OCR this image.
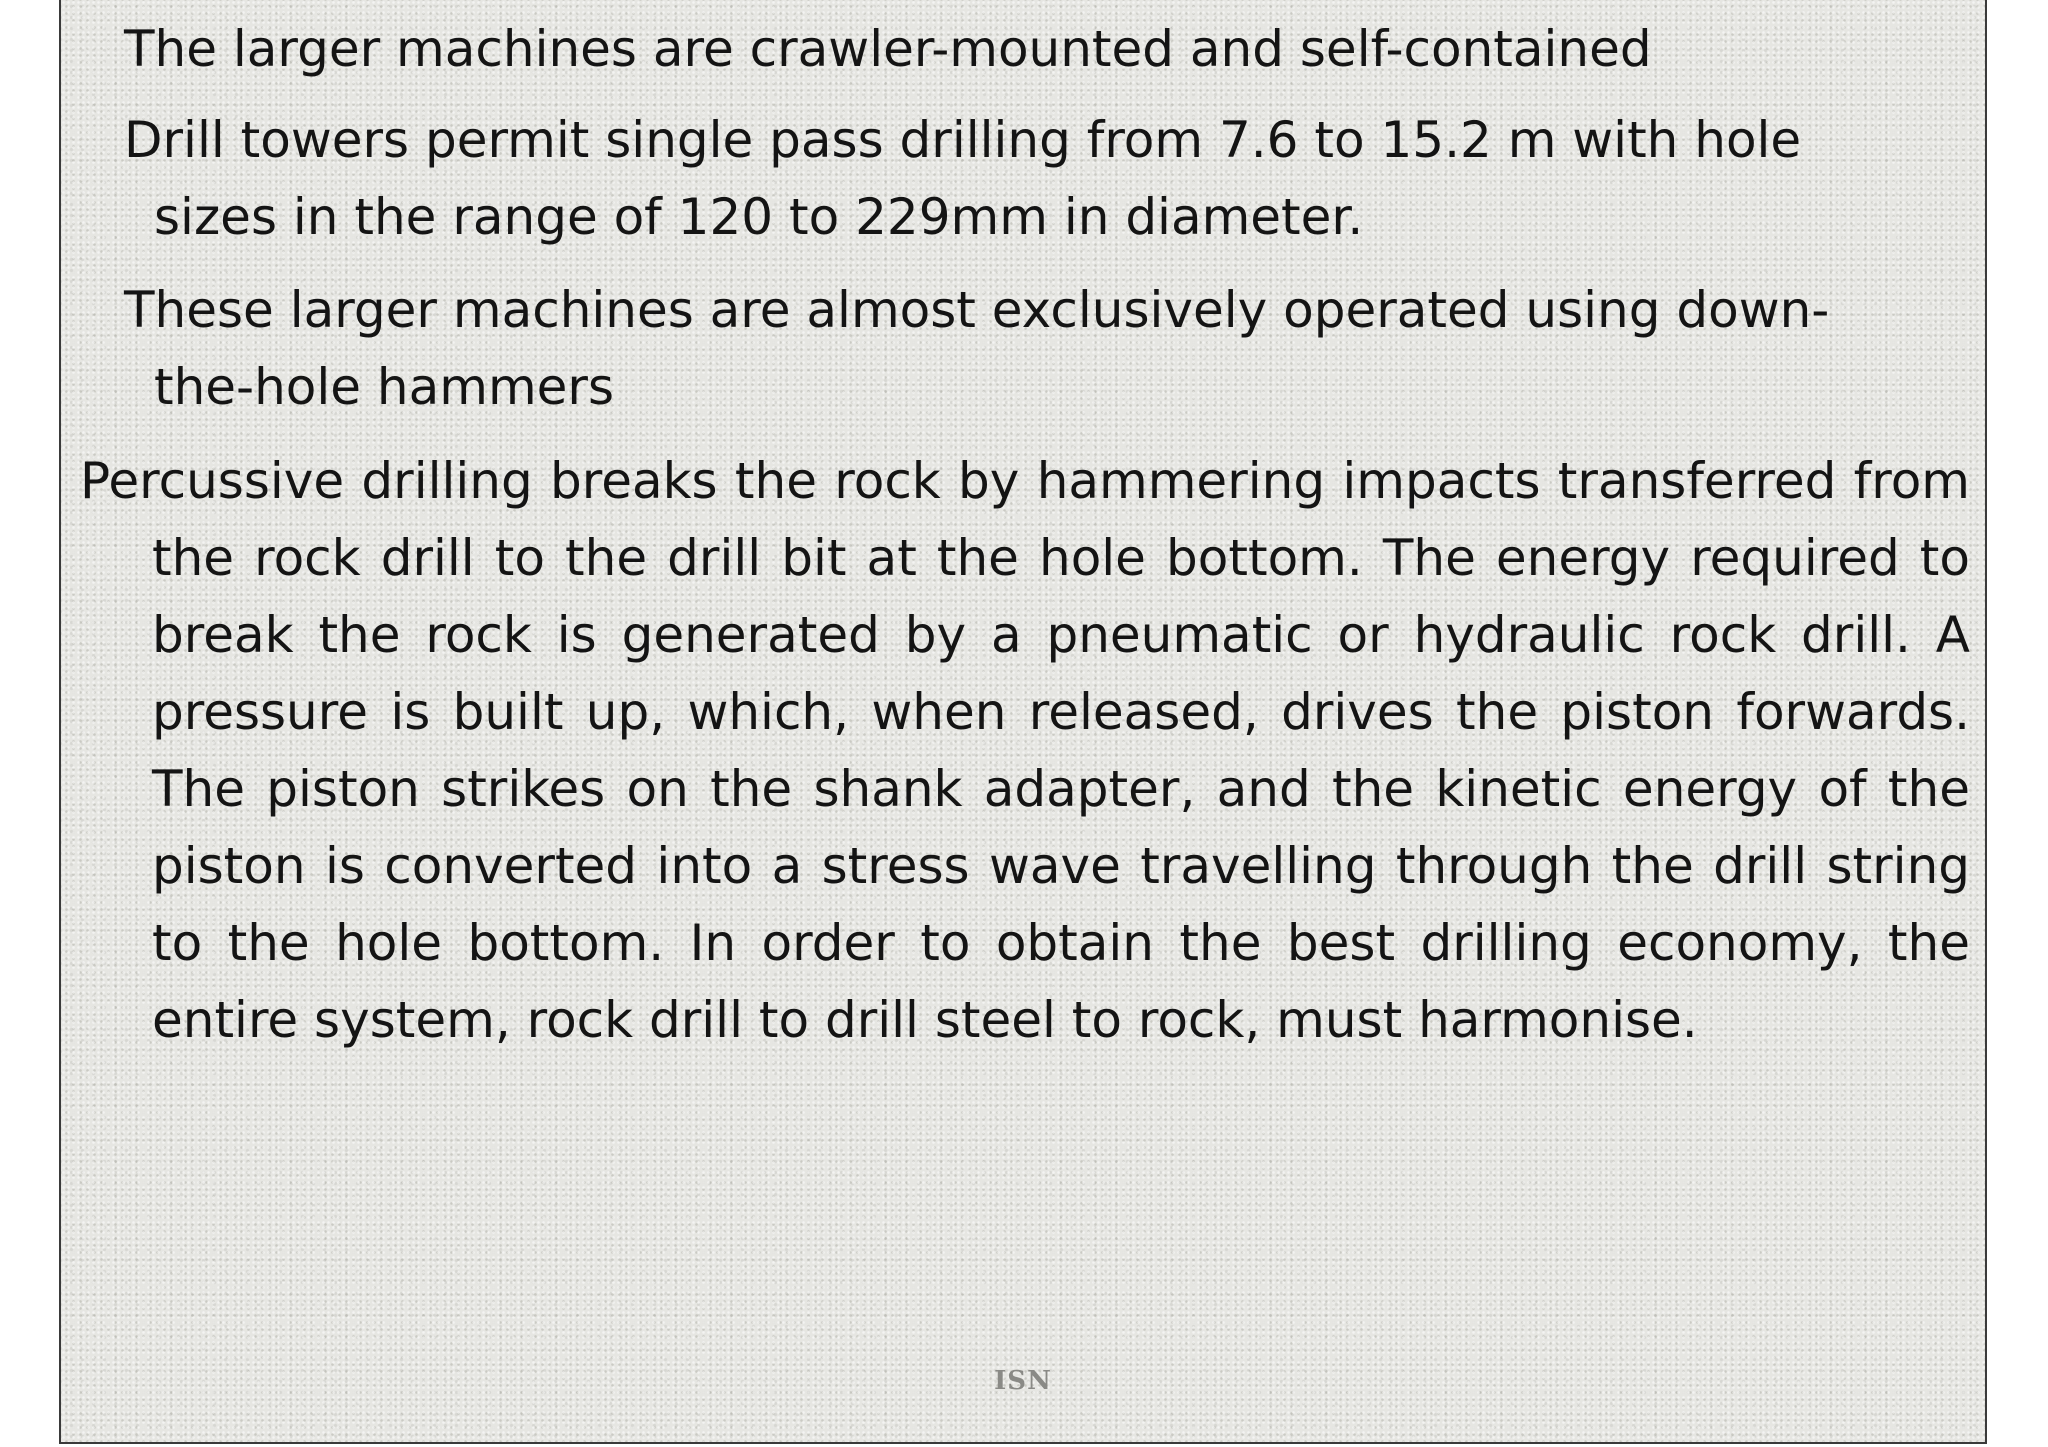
The larger machines are crawler-mounted and self-contained
Drill towers permit single pass drilling from 7.6 to 15.2 m with hole
sizes in the range of 120 to 229mm in diameter.
These larger machines are almost exclusively operated using down-
the-hole hammers
Percussive drilling breaks the rock by hammering impacts transferred from the rock drill to the drill bit at the hole bottom. The energy required to break the rock is generated by a pneumatic or hydraulic rock drill. A pressure is built up, which, when released, drives the piston forwards. The piston strikes on the shank adapter, and the kinetic energy of the piston is converted into a stress wave travelling through the drill string to the hole bottom. In order to obtain the best drilling economy, the entire system, rock drill to drill steel to rock, must harmonise.
ISN
